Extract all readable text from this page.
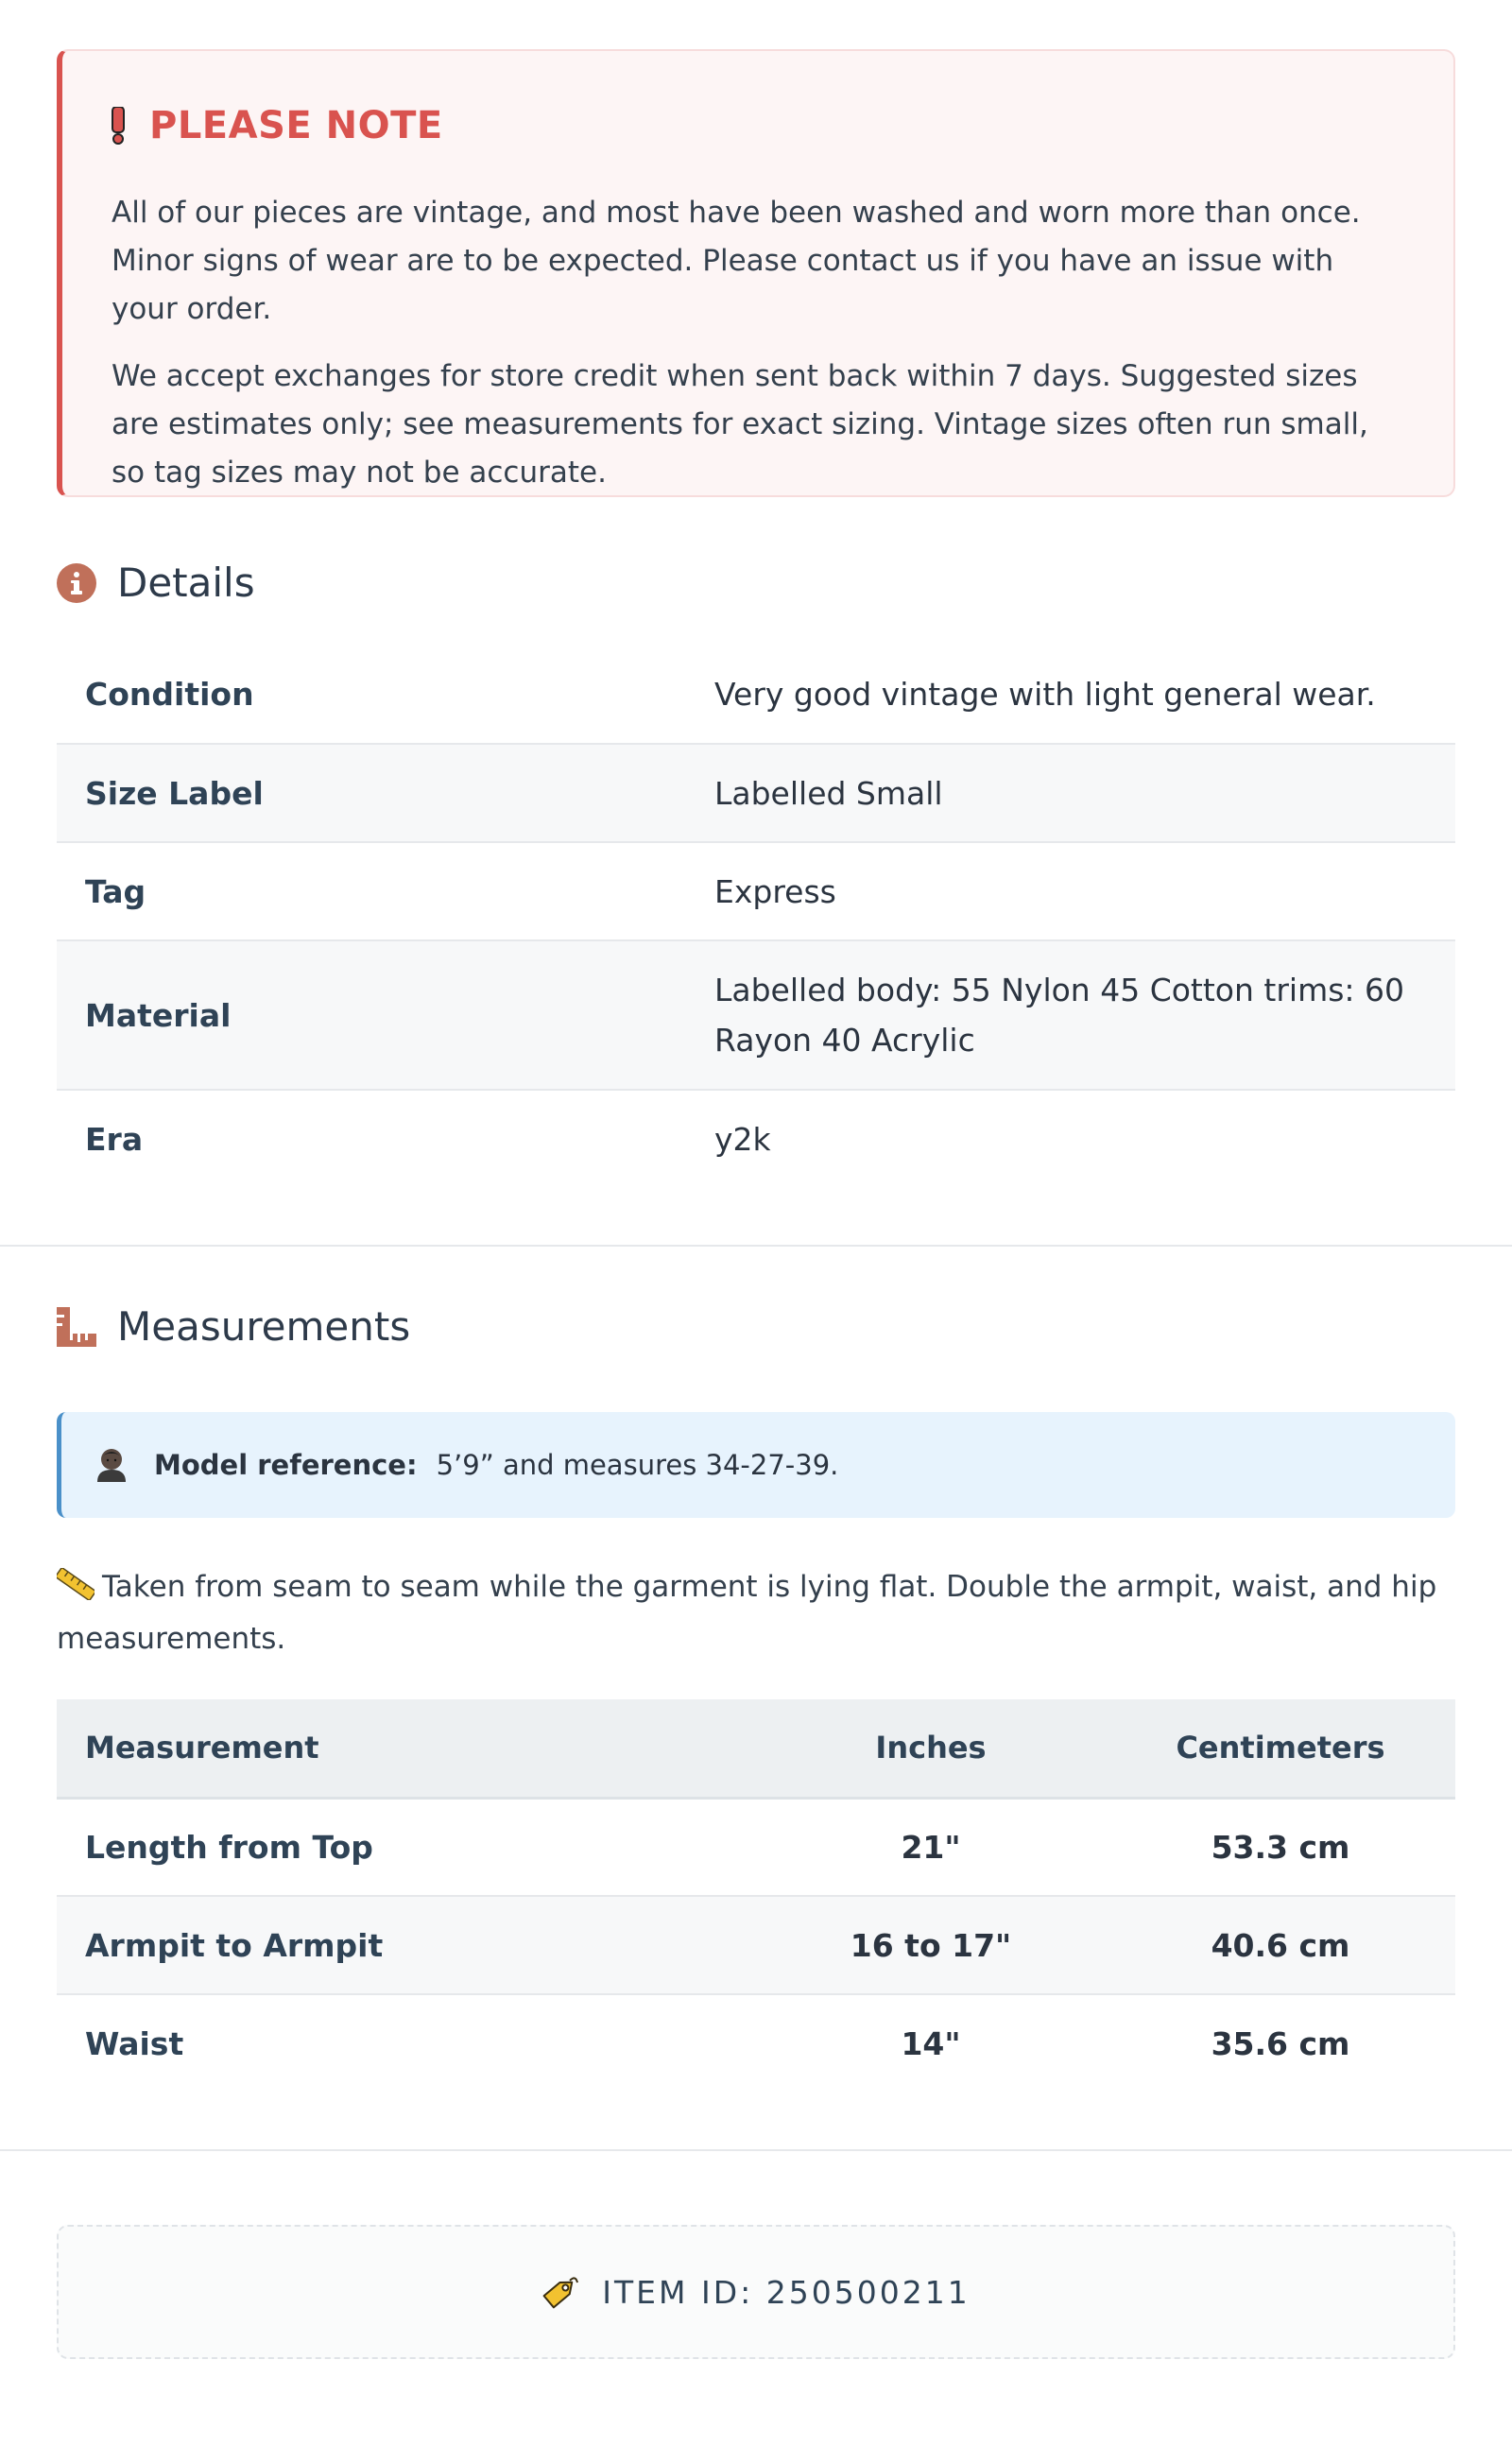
PLEASE NOTE

All of our pieces are vintage, and most have been washed and worn more than once. Minor signs of wear are to be expected. Please contact us if you have an issue with your order.

We accept exchanges for store credit when sent back within 7 days. Suggested sizes are estimates only; see measurements for exact sizing. Vintage sizes often run small, so tag sizes may not be accurate.

Details
Condition	Very good vintage with light general wear.
Size Label	Labelled Small
Tag	Express
Material	Labelled body: 55 Nylon 45 Cotton trims: 60 Rayon 40 Acrylic
Era	y2k
Measurements
Model reference: 5’9” and measures 34-27-39.
Taken from seam to seam while the garment is lying flat. Double the armpit, waist, and hip measurements.
Measurement	Inches	Centimeters
Length from Top	21"	53.3 cm
Armpit to Armpit	16 to 17"	40.6 cm
Waist	14"	35.6 cm
ITEM ID: 250500211
